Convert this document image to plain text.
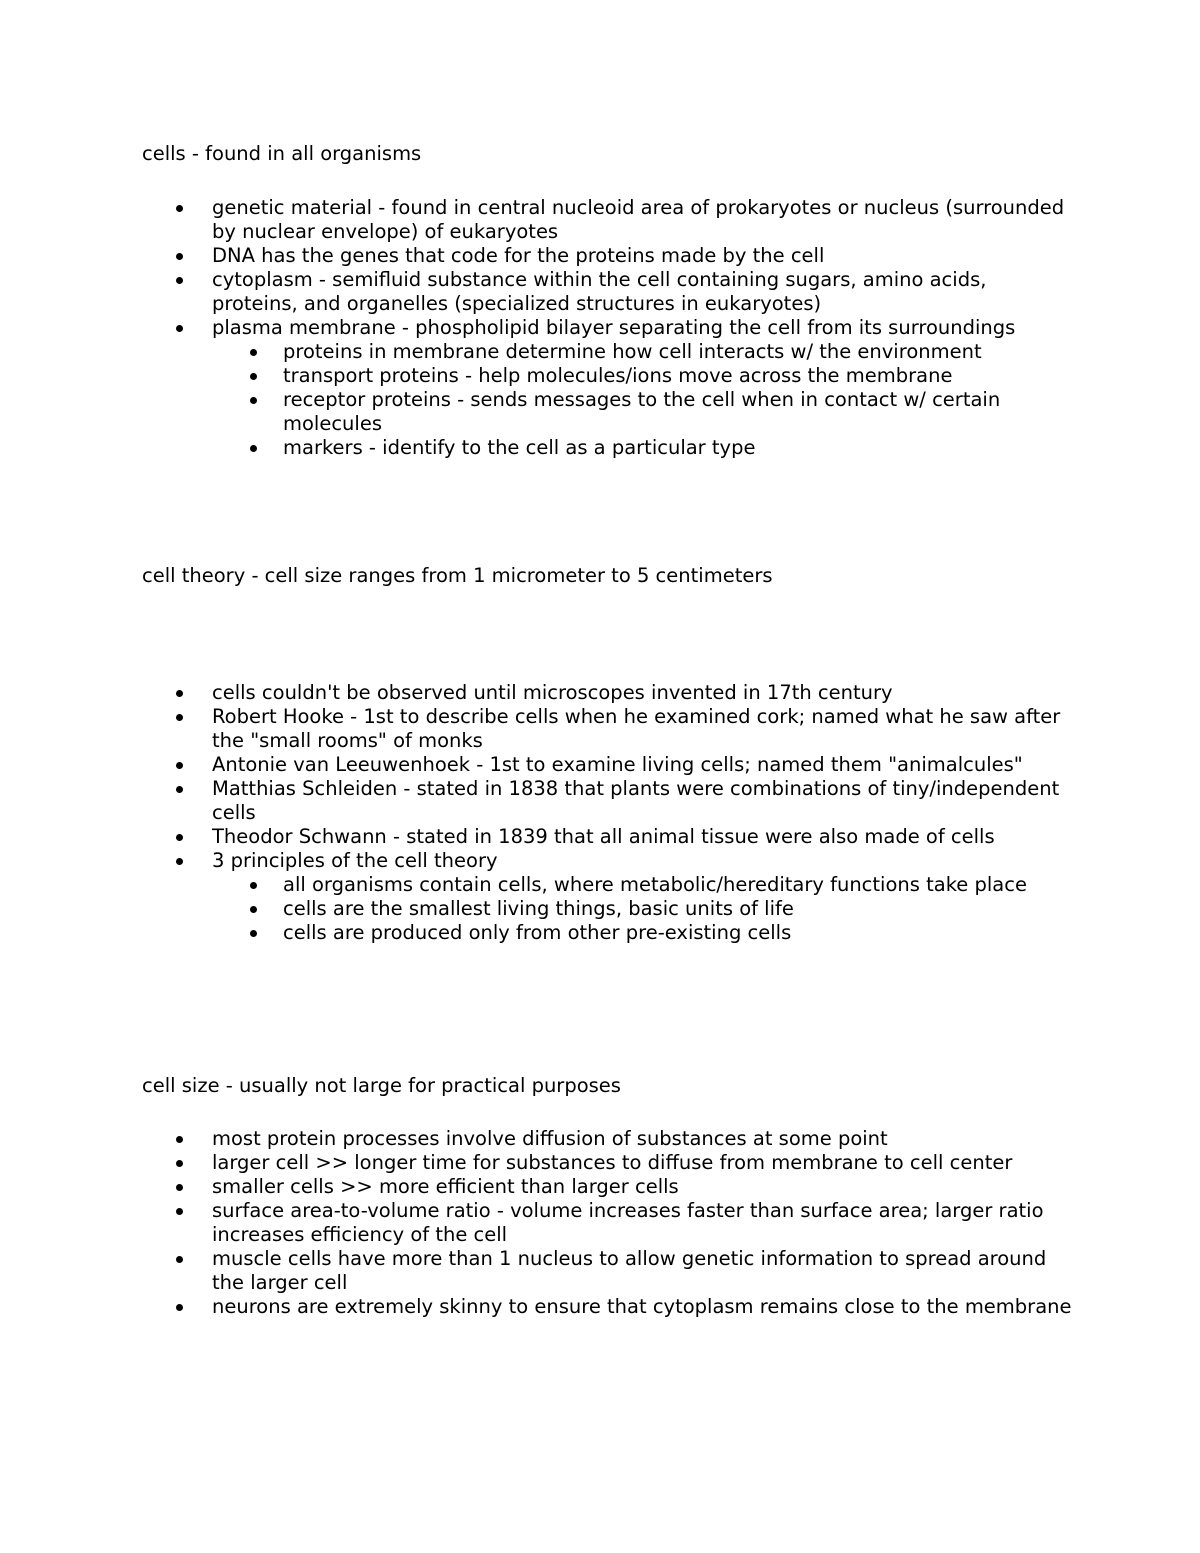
cells - found in all organisms
genetic material - found in central nucleoid area of prokaryotes or nucleus (surrounded by nuclear envelope) of eukaryotes
DNA has the genes that code for the proteins made by the cell
cytoplasm - semifluid substance within the cell containing sugars, amino acids, proteins, and organelles (specialized structures in eukaryotes)
plasma membrane - phospholipid bilayer separating the cell from its surroundings
proteins in membrane determine how cell interacts w/ the environment
transport proteins - help molecules/ions move across the membrane
receptor proteins - sends messages to the cell when in contact w/ certain molecules
markers - identify to the cell as a particular type
cell theory - cell size ranges from 1 micrometer to 5 centimeters
cells couldn't be observed until microscopes invented in 17th century
Robert Hooke - 1st to describe cells when he examined cork; named what he saw after the "small rooms" of monks
Antonie van Leeuwenhoek - 1st to examine living cells; named them "animalcules"
Matthias Schleiden - stated in 1838 that plants were combinations of tiny/independent cells
Theodor Schwann - stated in 1839 that all animal tissue were also made of cells
3 principles of the cell theory
all organisms contain cells, where metabolic/hereditary functions take place
cells are the smallest living things, basic units of life
cells are produced only from other pre-existing cells
cell size - usually not large for practical purposes
most protein processes involve diffusion of substances at some point
larger cell >> longer time for substances to diffuse from membrane to cell center
smaller cells >> more efficient than larger cells
surface area-to-volume ratio - volume increases faster than surface area; larger ratio increases efficiency of the cell
muscle cells have more than 1 nucleus to allow genetic information to spread around the larger cell
neurons are extremely skinny to ensure that cytoplasm remains close to the membrane
